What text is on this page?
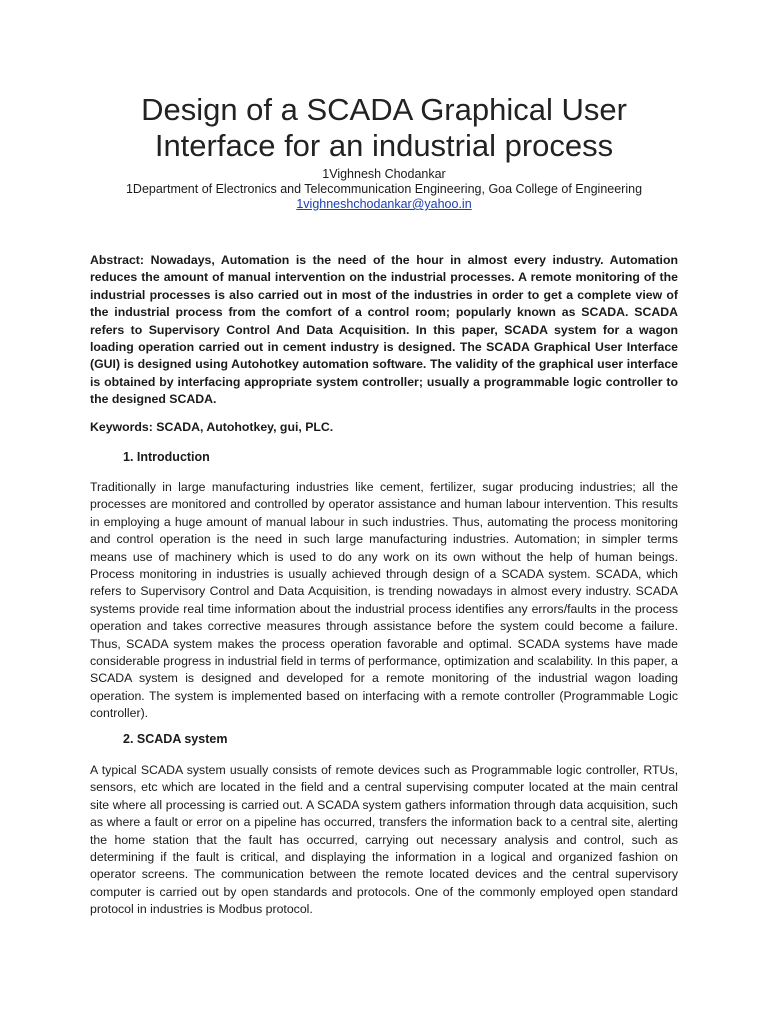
Design of a SCADA Graphical User
Interface for an industrial process
1Vighnesh Chodankar
1Department of Electronics and Telecommunication Engineering, Goa College of Engineering
1vighneshchodankar@yahoo.in

Abstract: Nowadays, Automation is the need of the hour in almost every industry. Automation reduces the amount of manual intervention on the industrial processes. A remote monitoring of the industrial processes is also carried out in most of the industries in order to get a complete view of the industrial process from the comfort of a control room; popularly known as SCADA. SCADA refers to Supervisory Control And Data Acquisition. In this paper, SCADA system for a wagon loading operation carried out in cement industry is designed. The SCADA Graphical User Interface (GUI) is designed using Autohotkey automation software. The validity of the graphical user interface is obtained by interfacing appropriate system controller; usually a programmable logic controller to the designed SCADA.

Keywords: SCADA, Autohotkey, gui, PLC.

1. Introduction

Traditionally in large manufacturing industries like cement, fertilizer, sugar producing industries; all the processes are monitored and controlled by operator assistance and human labour intervention. This results in employing a huge amount of manual labour in such industries. Thus, automating the process monitoring and control operation is the need in such large manufacturing industries. Automation; in simpler terms means use of machinery which is used to do any work on its own without the help of human beings. Process monitoring in industries is usually achieved through design of a SCADA system. SCADA, which refers to Supervisory Control and Data Acquisition, is trending nowadays in almost every industry. SCADA systems provide real time information about the industrial process identifies any errors/faults in the process operation and takes corrective measures through assistance before the system could become a failure. Thus, SCADA system makes the process operation favorable and optimal. SCADA systems have made considerable progress in industrial field in terms of performance, optimization and scalability. In this paper, a SCADA system is designed and developed for a remote monitoring of the industrial wagon loading operation. The system is implemented based on interfacing with a remote controller (Programmable Logic controller).

2. SCADA system

A typical SCADA system usually consists of remote devices such as Programmable logic controller, RTUs, sensors, etc which are located in the field and a central supervising computer located at the main central site where all processing is carried out. A SCADA system gathers information through data acquisition, such as where a fault or error on a pipeline has occurred, transfers the information back to a central site, alerting the home station that the fault has occurred, carrying out necessary analysis and control, such as determining if the fault is critical, and displaying the information in a logical and organized fashion on operator screens. The communication between the remote located devices and the central supervisory computer is carried out by open standards and protocols. One of the commonly employed open standard protocol in industries is Modbus protocol.
